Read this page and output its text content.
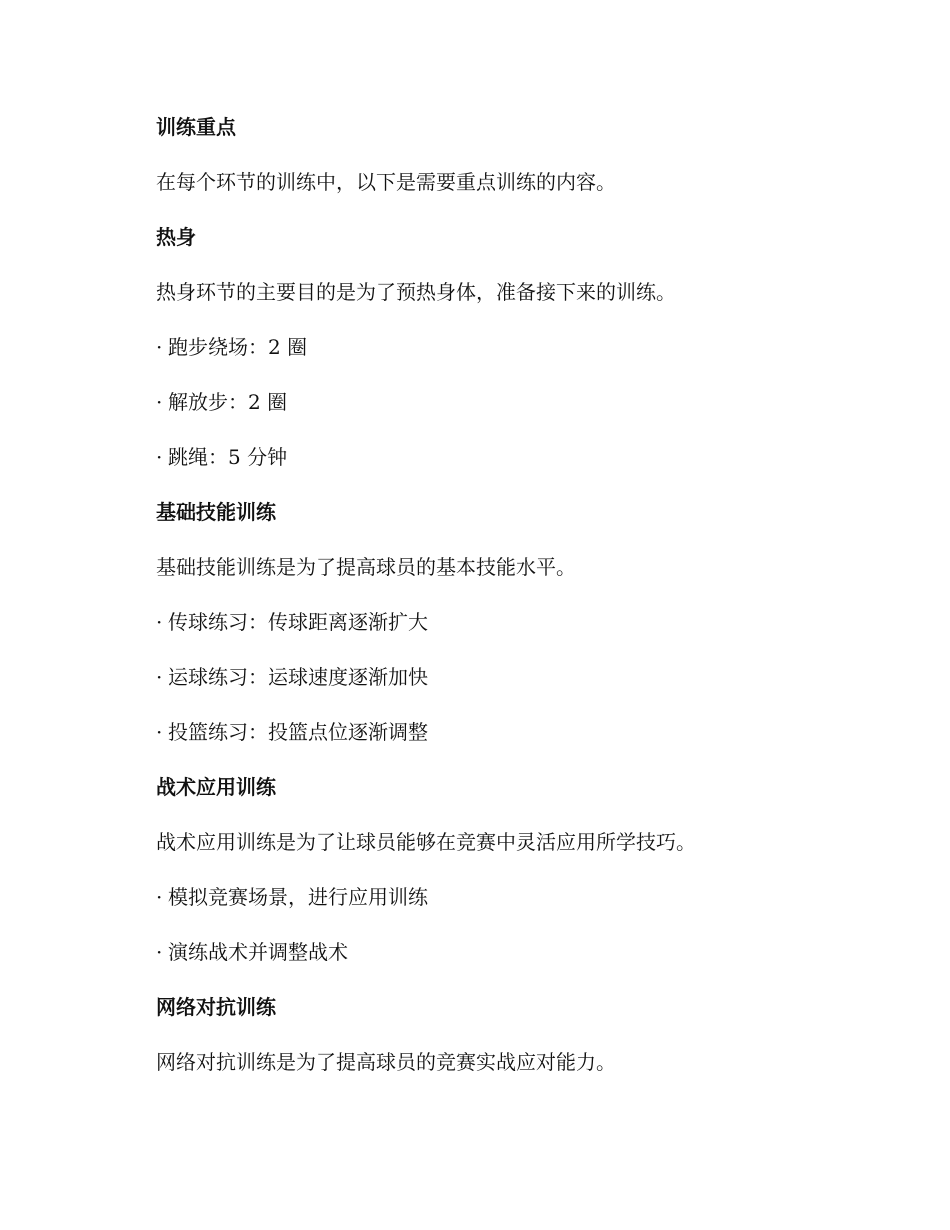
训练重点
在每个环节的训练中，以下是需要重点训练的内容。
热身
热身环节的主要目的是为了预热身体，准备接下来的训练。
· 跑步绕场：2 圈
· 解放步：2 圈
· 跳绳：5 分钟
基础技能训练
基础技能训练是为了提高球员的基本技能水平。
· 传球练习：传球距离逐渐扩大
· 运球练习：运球速度逐渐加快
· 投篮练习：投篮点位逐渐调整
战术应用训练
战术应用训练是为了让球员能够在竞赛中灵活应用所学技巧。
· 模拟竞赛场景，进行应用训练
· 演练战术并调整战术
网络对抗训练
网络对抗训练是为了提高球员的竞赛实战应对能力。
